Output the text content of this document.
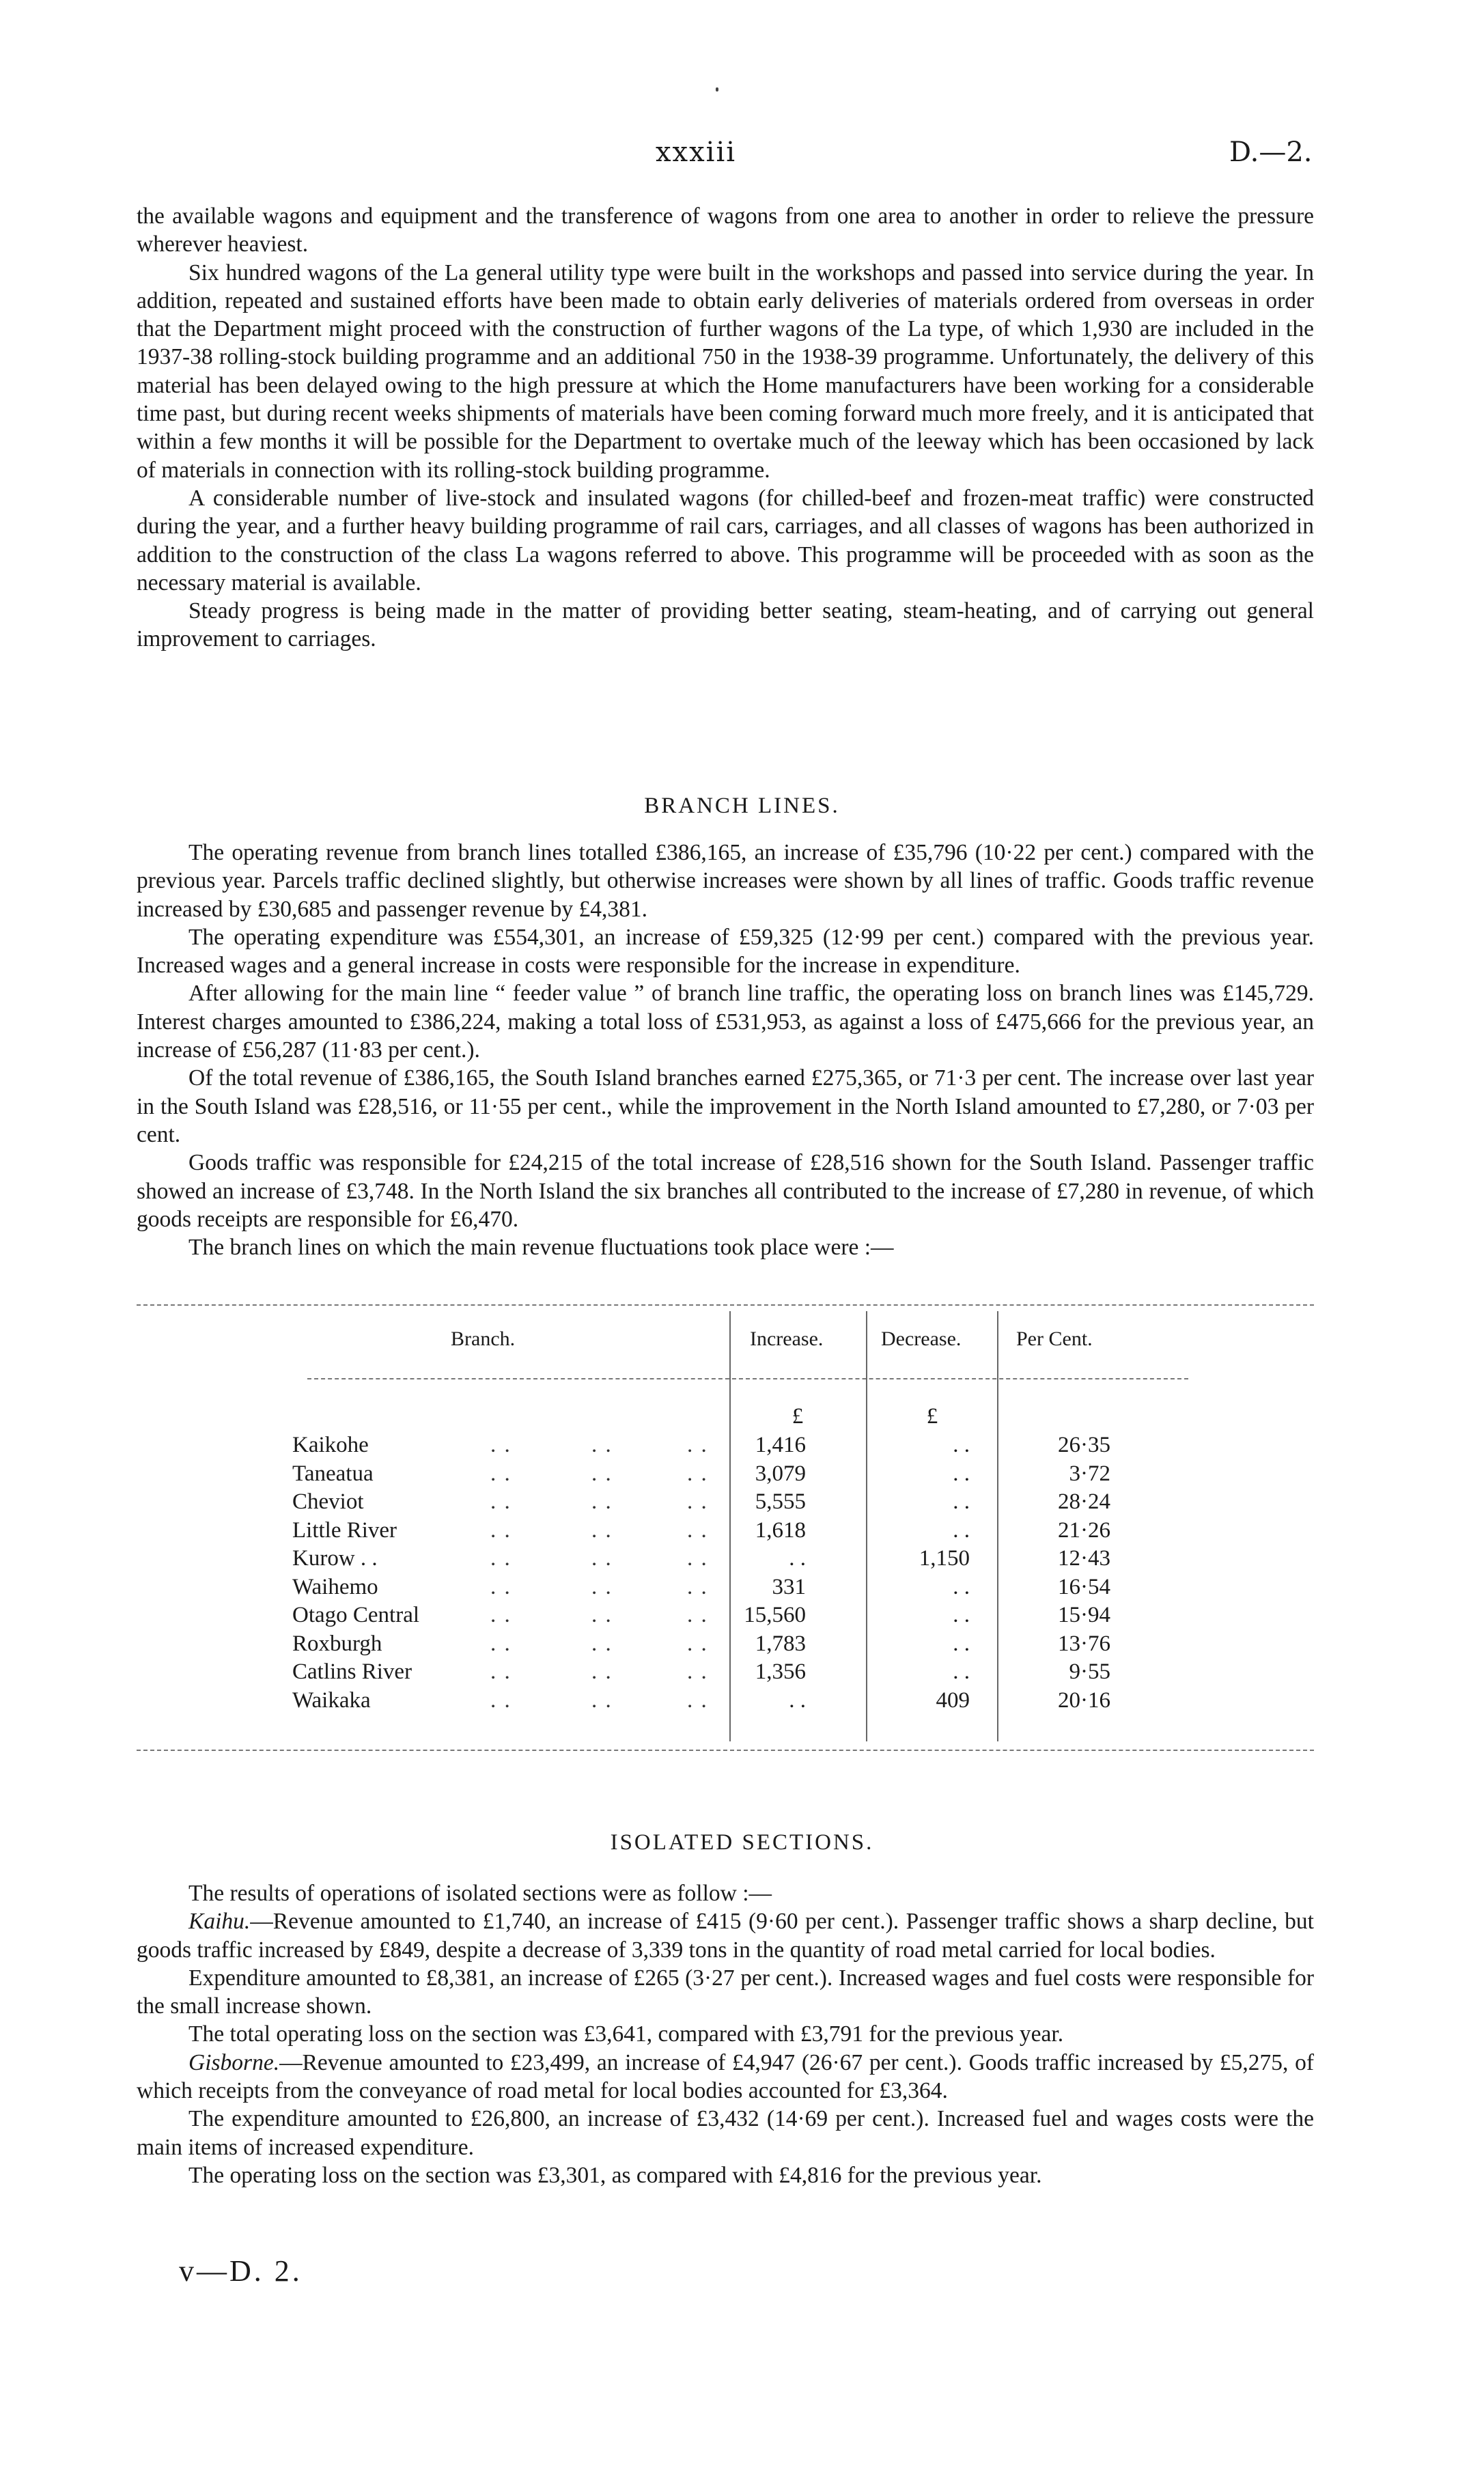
xxxiii	D.—2.

the available wagons and equipment and the transference of wagons from one area to another in order to relieve the pressure wherever heaviest.

Six hundred wagons of the La general utility type were built in the workshops and passed into service during the year. In addition, repeated and sustained efforts have been made to obtain early deliveries of materials ordered from overseas in order that the Department might proceed with the construction of further wagons of the La type, of which 1,930 are included in the 1937-38 rolling-stock building programme and an additional 750 in the 1938-39 programme. Unfortunately, the delivery of this material has been delayed owing to the high pressure at which the Home manufacturers have been working for a considerable time past, but during recent weeks shipments of materials have been coming forward much more freely, and it is anticipated that within a few months it will be possible for the Department to overtake much of the leeway which has been occasioned by lack of materials in connection with its rolling-stock building programme.

A considerable number of live-stock and insulated wagons (for chilled-beef and frozen-meat traffic) were constructed during the year, and a further heavy building programme of rail cars, carriages, and all classes of wagons has been authorized in addition to the construction of the class La wagons referred to above. This programme will be proceeded with as soon as the necessary material is available.

Steady progress is being made in the matter of providing better seating, steam-heating, and of carrying out general improvement to carriages.

BRANCH LINES.

The operating revenue from branch lines totalled £386,165, an increase of £35,796 (10·22 per cent.) compared with the previous year. Parcels traffic declined slightly, but otherwise increases were shown by all lines of traffic. Goods traffic revenue increased by £30,685 and passenger revenue by £4,381.

The operating expenditure was £554,301, an increase of £59,325 (12·99 per cent.) compared with the previous year. Increased wages and a general increase in costs were responsible for the increase in expenditure.

After allowing for the main line “ feeder value ” of branch line traffic, the operating loss on branch lines was £145,729. Interest charges amounted to £386,224, making a total loss of £531,953, as against a loss of £475,666 for the previous year, an increase of £56,287 (11·83 per cent.).

Of the total revenue of £386,165, the South Island branches earned £275,365, or 71·3 per cent. The increase over last year in the South Island was £28,516, or 11·55 per cent., while the improvement in the North Island amounted to £7,280, or 7·03 per cent.

Goods traffic was responsible for £24,215 of the total increase of £28,516 shown for the South Island. Passenger traffic showed an increase of £3,748. In the North Island the six branches all contributed to the increase of £7,280 in revenue, of which goods receipts are responsible for £6,470.

The branch lines on which the main revenue fluctuations took place were :—

Branch.	Increase.	Decrease.	Per Cent.
£	£
Kaikohe	. .	. .	. .	1,416	. .	26·35
Taneatua	. .	. .	. .	3,079	. .	3·72
Cheviot	. .	. .	. .	5,555	. .	28·24
Little River	. .	. .	. .	1,618	. .	21·26
Kurow . .	. .	. .	. .	. .	1,150	12·43
Waihemo	. .	. .	. .	331	. .	16·54
Otago Central	. .	. .	. .	15,560	. .	15·94
Roxburgh	. .	. .	. .	1,783	. .	13·76
Catlins River	. .	. .	. .	1,356	. .	9·55
Waikaka	. .	. .	. .	. .	409	20·16
ISOLATED SECTIONS.

The results of operations of isolated sections were as follow :—

Kaihu.—Revenue amounted to £1,740, an increase of £415 (9·60 per cent.). Passenger traffic shows a sharp decline, but goods traffic increased by £849, despite a decrease of 3,339 tons in the quantity of road metal carried for local bodies.

Expenditure amounted to £8,381, an increase of £265 (3·27 per cent.). Increased wages and fuel costs were responsible for the small increase shown.

The total operating loss on the section was £3,641, compared with £3,791 for the previous year.

Gisborne.—Revenue amounted to £23,499, an increase of £4,947 (26·67 per cent.). Goods traffic increased by £5,275, of which receipts from the conveyance of road metal for local bodies accounted for £3,364.

The expenditure amounted to £26,800, an increase of £3,432 (14·69 per cent.). Increased fuel and wages costs were the main items of increased expenditure.

The operating loss on the section was £3,301, as compared with £4,816 for the previous year.

v—D. 2.
